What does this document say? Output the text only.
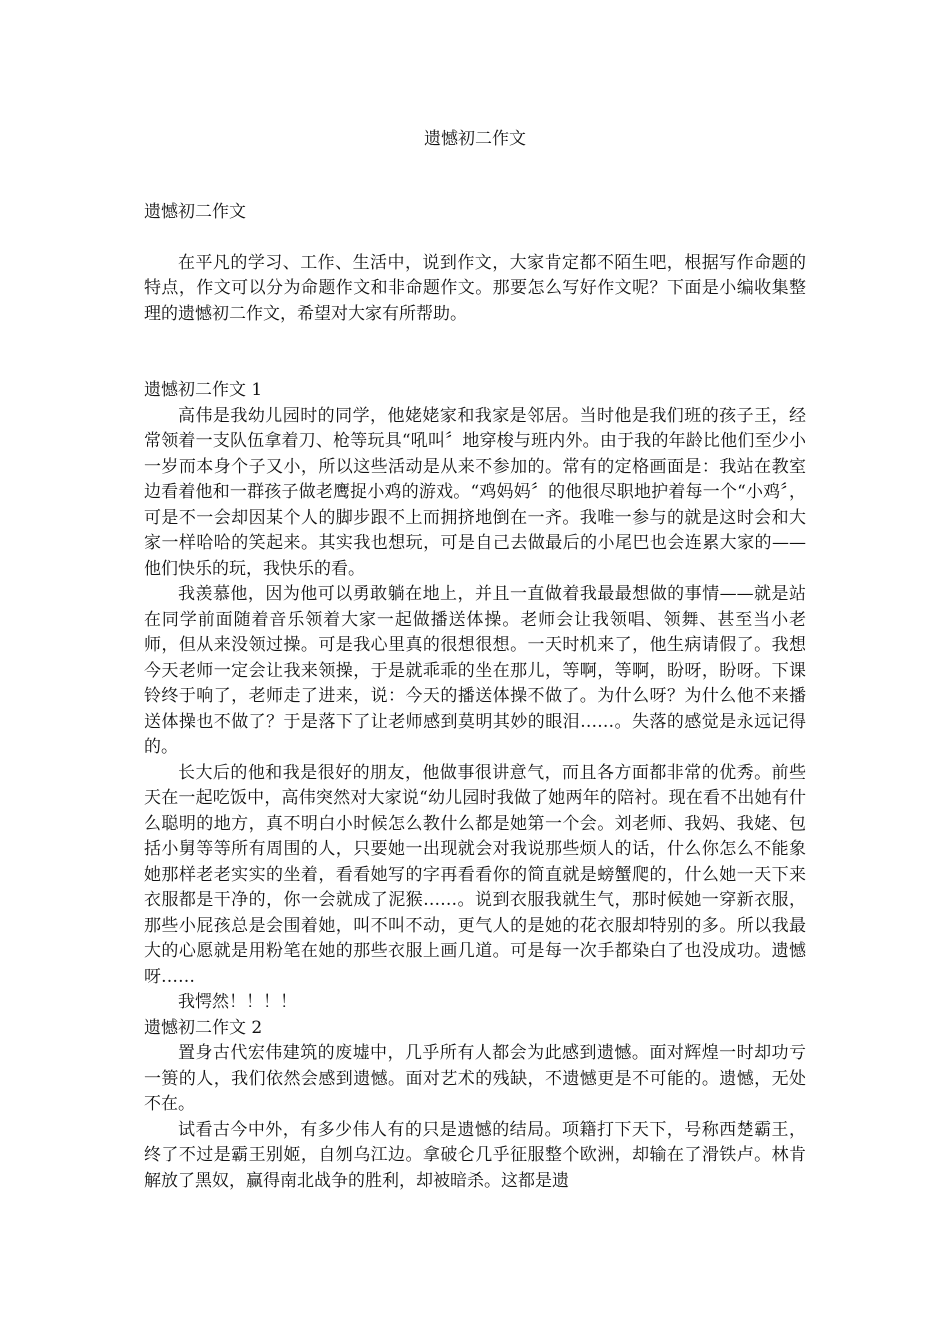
遗憾初二作文

遗憾初二作文

在平凡的学习、工作、生活中，说到作文，大家肯定都不陌生吧，根据写作命题的特点，作文可以分为命题作文和非命题作文。那要怎么写好作文呢？下面是小编收集整理的遗憾初二作文，希望对大家有所帮助。

遗憾初二作文 1

高伟是我幼儿园时的同学，他姥姥家和我家是邻居。当时他是我们班的孩子王，经常领着一支队伍拿着刀、枪等玩具“吼叫〞地穿梭与班内外。由于我的年龄比他们至少小一岁而本身个子又小，所以这些活动是从来不参加的。常有的定格画面是：我站在教室边看着他和一群孩子做老鹰捉小鸡的游戏。“鸡妈妈〞的他很尽职地护着每一个“小鸡〞，可是不一会却因某个人的脚步跟不上而拥挤地倒在一齐。我唯一参与的就是这时会和大家一样哈哈的笑起来。其实我也想玩，可是自己去做最后的小尾巴也会连累大家的——他们快乐的玩，我快乐的看。

我羡慕他，因为他可以勇敢躺在地上，并且一直做着我最最想做的事情——就是站在同学前面随着音乐领着大家一起做播送体操。老师会让我领唱、领舞、甚至当小老师，但从来没领过操。可是我心里真的很想很想。一天时机来了，他生病请假了。我想今天老师一定会让我来领操，于是就乖乖的坐在那儿，等啊，等啊，盼呀，盼呀。下课铃终于响了，老师走了进来，说：今天的播送体操不做了。为什么呀？为什么他不来播送体操也不做了？于是落下了让老师感到莫明其妙的眼泪……。失落的感觉是永远记得的。

长大后的他和我是很好的朋友，他做事很讲意气，而且各方面都非常的优秀。前些天在一起吃饭中，高伟突然对大家说“幼儿园时我做了她两年的陪衬。现在看不出她有什么聪明的地方，真不明白小时候怎么教什么都是她第一个会。刘老师、我妈、我姥、包括小舅等等所有周围的人，只要她一出现就会对我说那些烦人的话，什么你怎么不能象她那样老老实实的坐着，看看她写的字再看看你的简直就是螃蟹爬的，什么她一天下来衣服都是干净的，你一会就成了泥猴……。说到衣服我就生气，那时候她一穿新衣服，那些小屁孩总是会围着她，叫不叫不动，更气人的是她的花衣服却特别的多。所以我最大的心愿就是用粉笔在她的那些衣服上画几道。可是每一次手都染白了也没成功。遗憾呀……

我愕然！！！！

遗憾初二作文 2

置身古代宏伟建筑的废墟中，几乎所有人都会为此感到遗憾。面对辉煌一时却功亏一篑的人，我们依然会感到遗憾。面对艺术的残缺，不遗憾更是不可能的。遗憾，无处不在。

试看古今中外，有多少伟人有的只是遗憾的结局。项籍打下天下，号称西楚霸王，终了不过是霸王别姬，自刎乌江边。拿破仑几乎征服整个欧洲，却输在了滑铁卢。林肯解放了黑奴，赢得南北战争的胜利，却被暗杀。这都是遗
